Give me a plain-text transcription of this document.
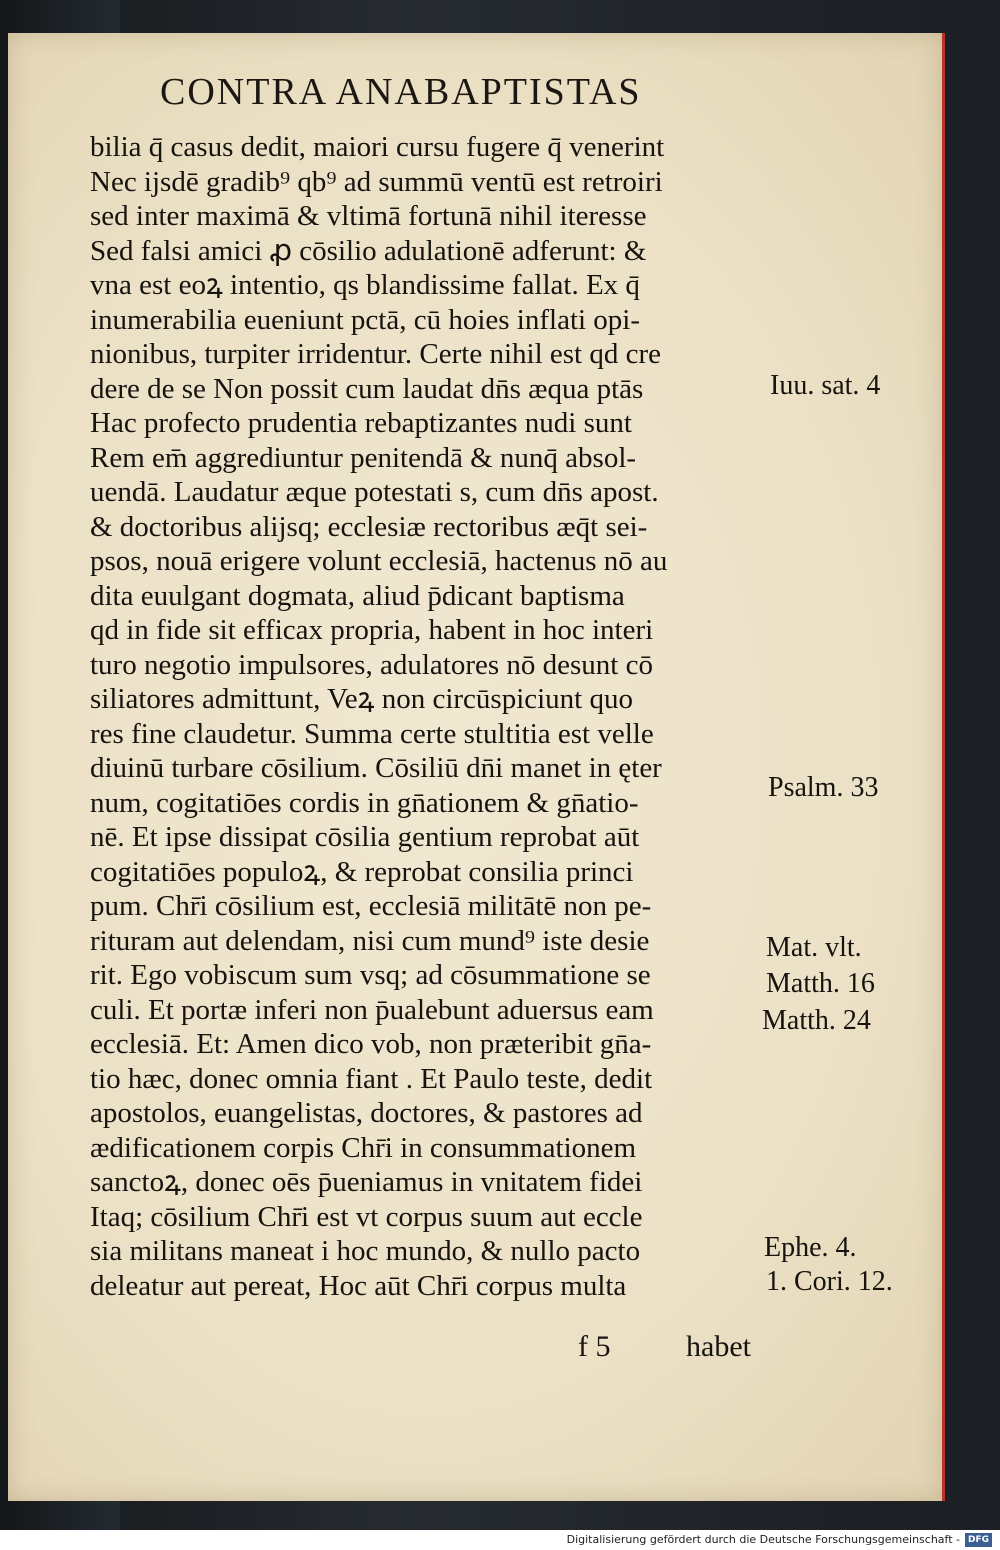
CONTRA ANABAPTISTAS
bilia q̄ casus dedit, maiori cursu fugere q̄ venerint
Nec ijsdē gradib⁹ qb⁹ ad summū ventū est retroiri
sed inter maximā & vltimā fortunā nihil iteresse
Sed falsi amici ꝓ cōsilio adulationē adferunt: &
vna est eoꝝ intentio, qs blandissime fallat. Ex q̄
inumerabilia eueniunt pctā, cū hoies inflati opi-
nionibus, turpiter irridentur. Certe nihil est qd cre
dere de se Non possit cum laudat dn̄s æqua ptās
Hac profecto prudentia rebaptizantes nudi sunt
Rem em̄ aggrediuntur penitendā & nunq̄ absol-
uendā. Laudatur æque potestati s, cum dn̄s apost.
& doctoribus alijsq; ecclesiæ rectoribus æq̄t sei-
psos, nouā erigere volunt ecclesiā, hactenus nō au
dita euulgant dogmata, aliud p̄dicant baptisma
qd in fide sit efficax propria, habent in hoc interi
turo negotio impulsores, adulatores nō desunt cō
siliatores admittunt, Veꝝ non circūspiciunt quo
res fine claudetur. Summa certe stultitia est velle
diuinū turbare cōsilium. Cōsiliū dn̄i manet in ęter
num, cogitatiōes cordis in gn̄ationem & gn̄atio-
nē. Et ipse dissipat cōsilia gentium reprobat aūt
cogitatiōes populoꝝ, & reprobat consilia princi
pum. Chr̄i cōsilium est, ecclesiā militātē non pe-
rituram aut delendam, nisi cum mund⁹ iste desie
rit. Ego vobiscum sum vsq; ad cōsummatione se
culi. Et portæ inferi non p̄ualebunt aduersus eam
ecclesiā. Et: Amen dico vob, non præteribit gn̄a-
tio hæc, donec omnia fiant . Et Paulo teste, dedit
apostolos, euangelistas, doctores, & pastores ad
ædificationem corpis Chr̄i in consummationem
sanctoꝝ, donec oēs p̄ueniamus in vnitatem fidei
Itaq; cōsilium Chr̄i est vt corpus suum aut eccle
sia militans maneat i hoc mundo, & nullo pacto
deleatur aut pereat, Hoc aūt Chr̄i corpus multa
Iuu. sat. 4
Psalm. 33
Mat. vlt.
Matth. 16
Matth. 24
Ephe. 4.
1. Cori. 12.
f 5	habet
Digitalisierung gefördert durch die Deutsche Forschungsgemeinschaft - DFG
